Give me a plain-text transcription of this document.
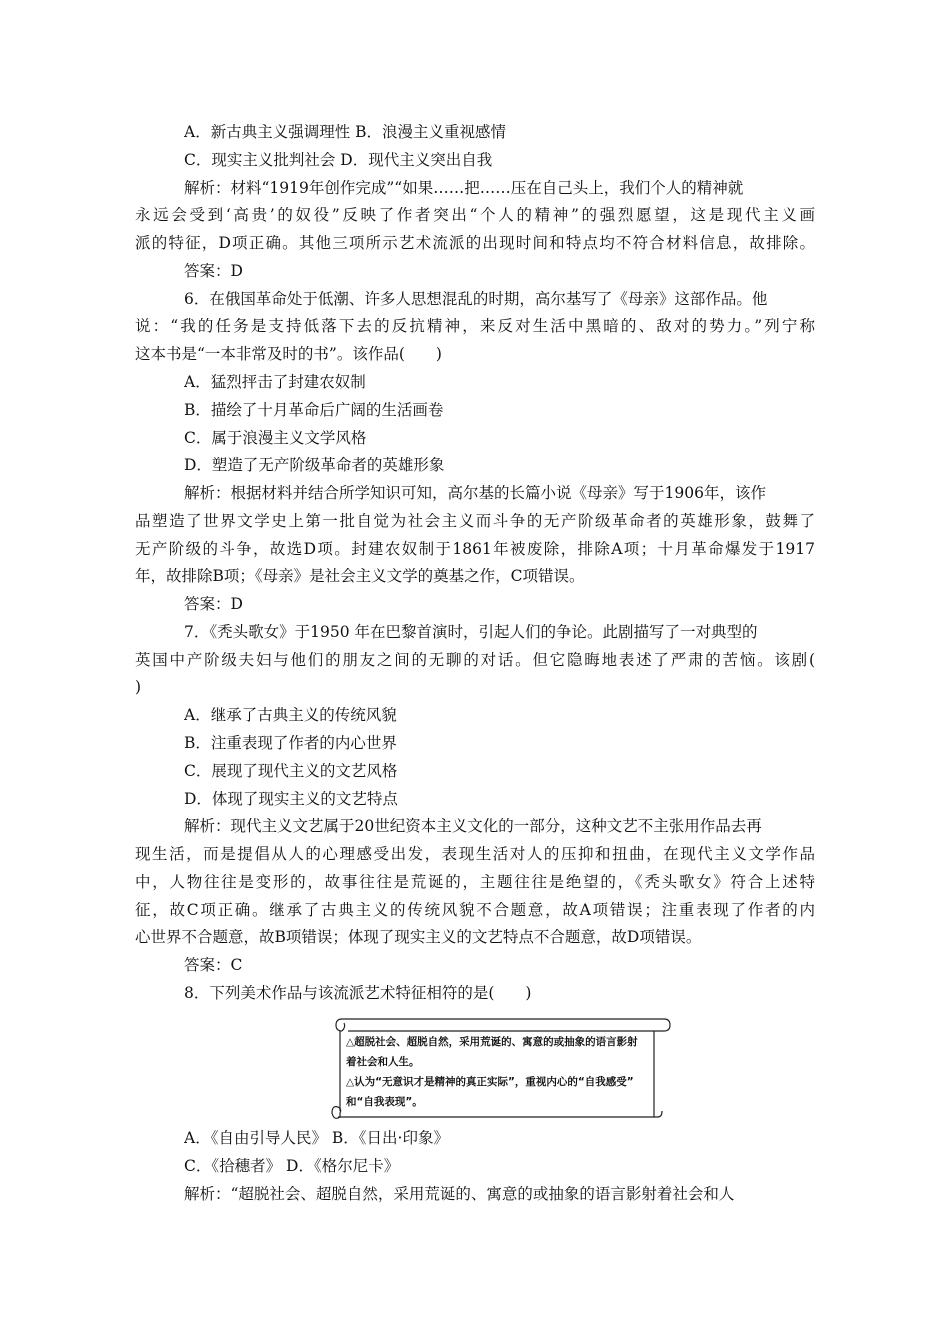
A．新古典主义强调理性 B．浪漫主义重视感情
C．现实主义批判社会 D．现代主义突出自我
解析：材料“1919年创作完成”“如果……把……压在自己头上，我们个人的精神就
永远会受到‘高贵’的奴役”反映了作者突出“个人的精神”的强烈愿望，这是现代主义画
派的特征，D项正确。其他三项所示艺术流派的出现时间和特点均不符合材料信息，故排除。
答案：D
6．在俄国革命处于低潮、许多人思想混乱的时期，高尔基写了《母亲》这部作品。他
说：“我的任务是支持低落下去的反抗精神，来反对生活中黑暗的、敌对的势力。”列宁称
这本书是“一本非常及时的书”。该作品(　　)
A．猛烈抨击了封建农奴制
B．描绘了十月革命后广阔的生活画卷
C．属于浪漫主义文学风格
D．塑造了无产阶级革命者的英雄形象
解析：根据材料并结合所学知识可知，高尔基的长篇小说《母亲》写于1906年，该作
品塑造了世界文学史上第一批自觉为社会主义而斗争的无产阶级革命者的英雄形象，鼓舞了
无产阶级的斗争，故选D项。封建农奴制于1861年被废除，排除A项；十月革命爆发于1917
年，故排除B项；《母亲》是社会主义文学的奠基之作，C项错误。
答案：D
7．《秃头歌女》于1950 年在巴黎首演时，引起人们的争论。此剧描写了一对典型的
英国中产阶级夫妇与他们的朋友之间的无聊的对话。但它隐晦地表述了严肃的苦恼。该剧(
)
A．继承了古典主义的传统风貌
B．注重表现了作者的内心世界
C．展现了现代主义的文艺风格
D．体现了现实主义的文艺特点
解析：现代主义文艺属于20世纪资本主义文化的一部分，这种文艺不主张用作品去再
现生活，而是提倡从人的心理感受出发，表现生活对人的压抑和扭曲，在现代主义文学作品
中，人物往往是变形的，故事往往是荒诞的，主题往往是绝望的，《秃头歌女》符合上述特
征，故C项正确。继承了古典主义的传统风貌不合题意，故A项错误；注重表现了作者的内
心世界不合题意，故B项错误；体现了现实主义的文艺特点不合题意，故D项错误。
答案：C
8．下列美术作品与该流派艺术特征相符的是(　　)
△超脱社会、超脱自然，采用荒诞的、寓意的或抽象的语言影射
着社会和人生。
△认为“无意识才是精神的真正实际”，重视内心的“自我感受”
和“自我表现”。
A．《自由引导人民》 B．《日出·印象》
C．《拾穗者》 D．《格尔尼卡》
解析：“超脱社会、超脱自然，采用荒诞的、寓意的或抽象的语言影射着社会和人
